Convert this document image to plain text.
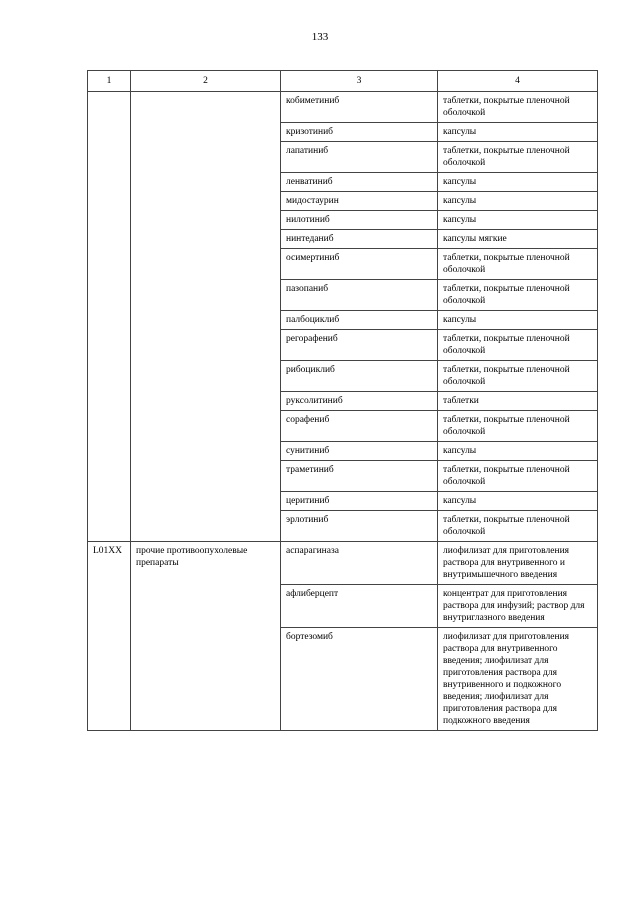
133
1	2	3	4
		кобиметиниб	таблетки, покрытые пленочной оболочкой
		кризотиниб	капсулы
		лапатиниб	таблетки, покрытые пленочной оболочкой
		ленватиниб	капсулы
		мидостаурин	капсулы
		нилотиниб	капсулы
		нинтеданиб	капсулы мягкие
		осимертиниб	таблетки, покрытые пленочной оболочкой
		пазопаниб	таблетки, покрытые пленочной оболочкой
		палбоциклиб	капсулы
		регорафениб	таблетки, покрытые пленочной оболочкой
		рибоциклиб	таблетки, покрытые пленочной оболочкой
		руксолитиниб	таблетки
		сорафениб	таблетки, покрытые пленочной оболочкой
		сунитиниб	капсулы
		траметиниб	таблетки, покрытые пленочной оболочкой
		церитиниб	капсулы
		эрлотиниб	таблетки, покрытые пленочной оболочкой
L01XX	прочие противоопухолевые препараты	аспарагиназа	лиофилизат для приготовления раствора для внутривенного и внутримышечного введения
		афлиберцепт	концентрат для приготовления раствора для инфузий; раствор для внутриглазного введения
		бортезомиб	лиофилизат для приготовления раствора для внутривенного введения; лиофилизат для приготовления раствора для внутривенного и подкожного введения; лиофилизат для приготовления раствора для подкожного введения
